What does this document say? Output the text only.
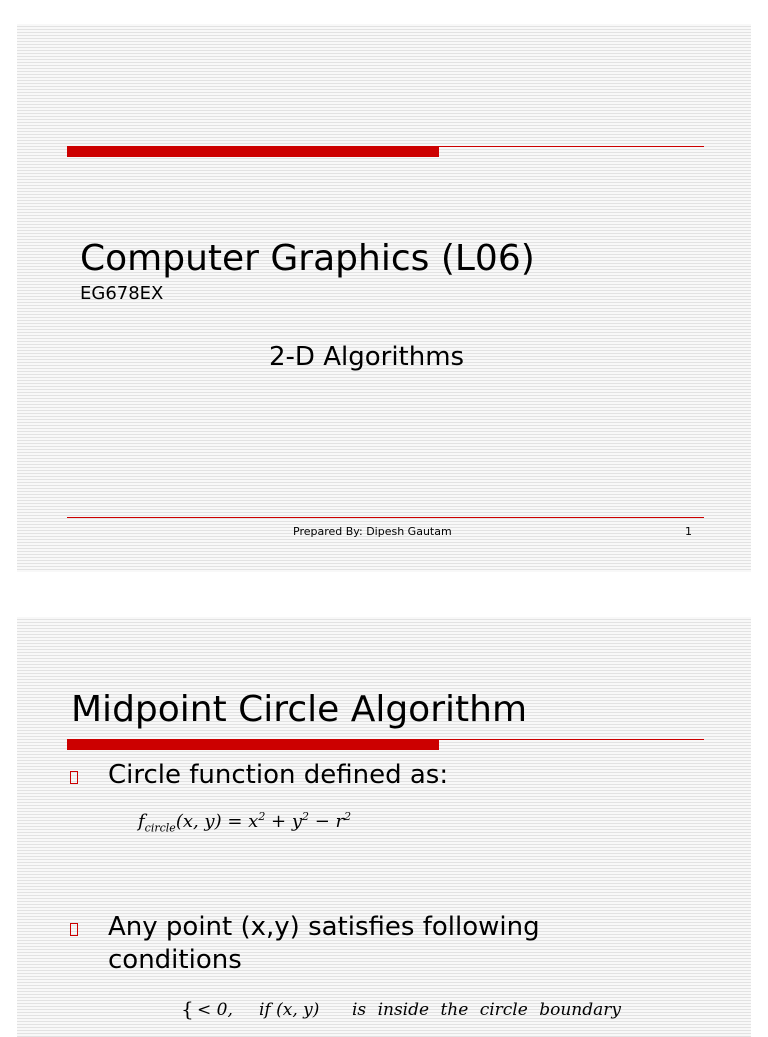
Computer Graphics (L06)
EG678EX
2-D Algorithms
Prepared By: Dipesh Gautam	1
Midpoint Circle Algorithm
Circle function defined as:
$f_{circle}(x$, $y) = x^2 + y^2 - r^2$
Any point (x,y) satisfies following
conditions
{ < 0, if (x, y) is inside the circle boundary
